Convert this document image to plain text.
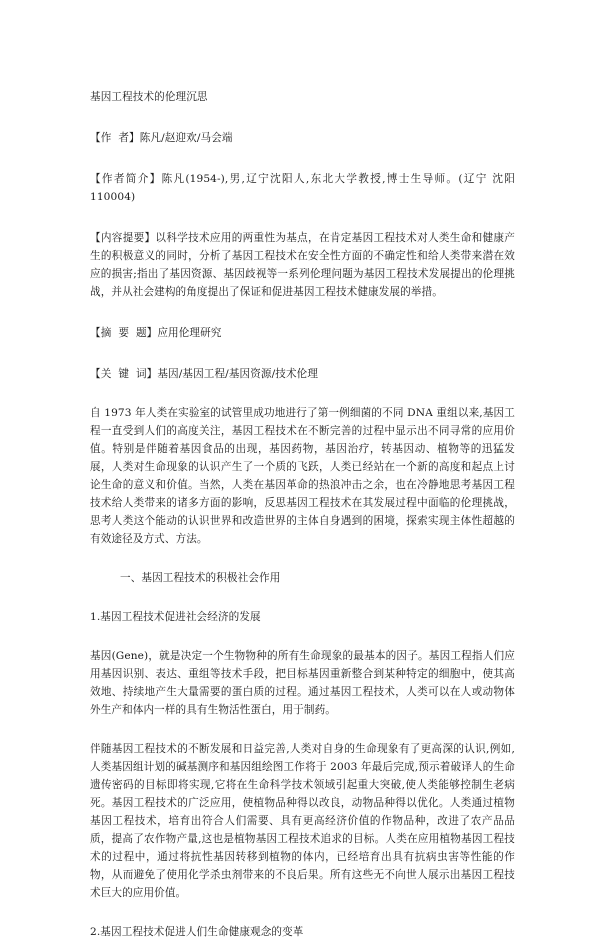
基因工程技术的伦理沉思

【作  者】陈凡/赵迎欢/马会端

【作者简介】陈凡(1954-),男,辽宁沈阳人,东北大学教授,博士生导师。(辽宁 沈阳 110004)

【内容提要】以科学技术应用的两重性为基点，在肯定基因工程技术对人类生命和健康产生的积极意义的同时，分析了基因工程技术在安全性方面的不确定性和给人类带来潜在效应的损害;指出了基因资源、基因歧视等一系列伦理问题为基因工程技术发展提出的伦理挑战，并从社会建构的角度提出了保证和促进基因工程技术健康发展的举措。

【摘  要  题】应用伦理研究

【关  键  词】基因/基因工程/基因资源/技术伦理

自 1973 年人类在实验室的试管里成功地进行了第一例细菌的不同 DNA 重组以来,基因工程一直受到人们的高度关注，基因工程技术在不断完善的过程中显示出不同寻常的应用价值。特别是伴随着基因食品的出现，基因药物，基因治疗，转基因动、植物等的迅猛发展，人类对生命现象的认识产生了一个质的飞跃，人类已经站在一个新的高度和起点上讨论生命的意义和价值。当然，人类在基因革命的热浪冲击之余，也在冷静地思考基因工程技术给人类带来的诸多方面的影响，反思基因工程技术在其发展过程中面临的伦理挑战，思考人类这个能动的认识世界和改造世界的主体自身遇到的困境，探索实现主体性超越的有效途径及方式、方法。

一、基因工程技术的积极社会作用

1.基因工程技术促进社会经济的发展

基因(Gene)，就是决定一个生物物种的所有生命现象的最基本的因子。基因工程指人们应用基因识别、表达、重组等技术手段，把目标基因重新整合到某种特定的细胞中，使其高效地、持续地产生大量需要的蛋白质的过程。通过基因工程技术，人类可以在人或动物体外生产和体内一样的具有生物活性蛋白，用于制药。

伴随基因工程技术的不断发展和日益完善,人类对自身的生命现象有了更高深的认识,例如,人类基因组计划的碱基测序和基因组绘图工作将于 2003 年最后完成,预示着破译人的生命遗传密码的目标即将实现,它将在生命科学技术领域引起重大突破,使人类能够控制生老病死。基因工程技术的广泛应用，使植物品种得以改良，动物品种得以优化。人类通过植物基因工程技术，培育出符合人们需要、具有更高经济价值的作物品种，改进了农产品品质，提高了农作物产量,这也是植物基因工程技术追求的目标。人类在应用植物基因工程技术的过程中，通过将抗性基因转移到植物的体内，已经培育出具有抗病虫害等性能的作物，从而避免了使用化学杀虫剂带来的不良后果。所有这些无不向世人展示出基因工程技术巨大的应用价值。

2.基因工程技术促进人们生命健康观念的变革
